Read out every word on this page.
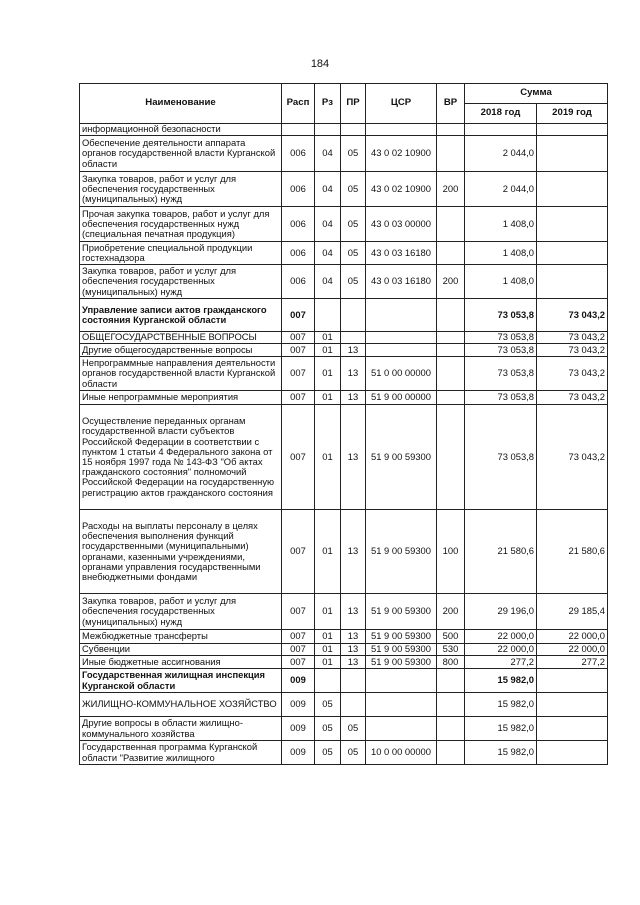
184
Наименование	Расп	Рз	ПР	ЦСР	ВР	Сумма	
						2018 год	2019 год
информационной безопасности							
Обеспечение деятельности аппарата органов государственной власти Курганской области	006	04	05	43 0 02 10900		2 044,0	
Закупка товаров, работ и услуг для обеспечения государственных (муниципальных) нужд	006	04	05	43 0 02 10900	200	2 044,0	
Прочая закупка товаров, работ и услуг для обеспечения государственных нужд (специальная печатная продукция)	006	04	05	43 0 03 00000		1 408,0	
Приобретение специальной продукции гостехнадзора	006	04	05	43 0 03 16180		1 408,0	
Закупка товаров, работ и услуг для обеспечения государственных (муниципальных) нужд	006	04	05	43 0 03 16180	200	1 408,0	
Управление записи актов гражданского состояния Курганской области	007					73 053,8	73 043,2
ОБЩЕГОСУДАРСТВЕННЫЕ ВОПРОСЫ	007	01				73 053,8	73 043,2
Другие общегосударственные вопросы	007	01	13			73 053,8	73 043,2
Непрограммные направления деятельности органов государственной власти Курганской области	007	01	13	51 0 00 00000		73 053,8	73 043,2
Иные непрограммные мероприятия	007	01	13	51 9 00 00000		73 053,8	73 043,2
Осуществление переданных органам государственной власти субъектов Российской Федерации в соответствии с пунктом 1 статьи 4 Федерального закона от 15 ноября 1997 года № 143-ФЗ "Об актах гражданского состояния" полномочий Российской Федерации на государственную регистрацию актов гражданского состояния	007	01	13	51 9 00 59300		73 053,8	73 043,2
Расходы на выплаты персоналу в целях обеспечения выполнения функций государственными (муниципальными) органами, казенными учреждениями, органами управления государственными внебюджетными фондами	007	01	13	51 9 00 59300	100	21 580,6	21 580,6
Закупка товаров, работ и услуг для обеспечения государственных (муниципальных) нужд	007	01	13	51 9 00 59300	200	29 196,0	29 185,4
Межбюджетные трансферты	007	01	13	51 9 00 59300	500	22 000,0	22 000,0
Субвенции	007	01	13	51 9 00 59300	530	22 000,0	22 000,0
Иные бюджетные ассигнования	007	01	13	51 9 00 59300	800	277,2	277,2
Государственная жилищная инспекция Курганской области	009					15 982,0	
ЖИЛИЩНО-КОММУНАЛЬНОЕ ХОЗЯЙСТВО	009	05				15 982,0	
Другие вопросы в области жилищно-коммунального хозяйства	009	05	05			15 982,0	
Государственная программа Курганской области "Развитие жилищного	009	05	05	10 0 00 00000		15 982,0	
